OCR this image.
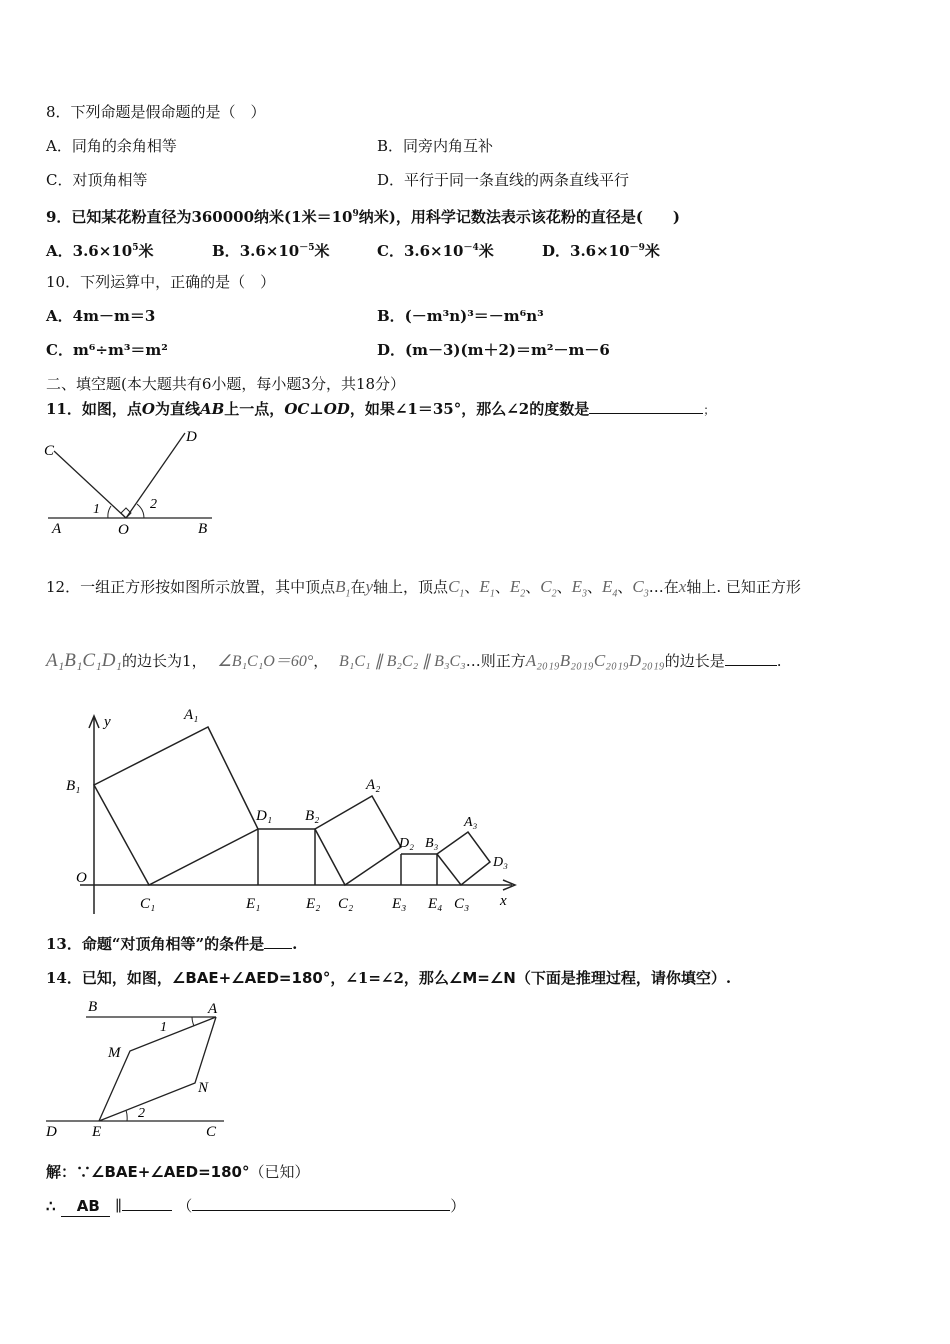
8．下列命题是假命题的是（　）
A．同角的余角相等	B．同旁内角互补
C．对顶角相等	D．平行于同一条直线的两条直线平行
9．已知某花粉直径为360000纳米(1米$=10^9$纳米)，用科学记数法表示该花粉的直径是(　　)
A．$3.6\times 10^5$米	B．$3.6\times 10^{-5}$米	C．$3.6\times 10^{-4}$米	D．$3.6\times 10^{-9}$米
10．下列运算中，正确的是（　）
A．4m－m＝3	B．(－m³n)³＝－m⁶n³
C．m⁶÷m³＝m²	D．(m－3)(m＋2)＝m²－m－6
二、填空题(本大题共有6小题，每小题3分，共18分）
11．如图，点O为直线AB上一点，OC⊥OD，如果∠1＝35°，那么∠2的度数是	；
C
D
A	O	B
1	2
12．一组正方形按如图所示放置，其中顶点$B_1$在y轴上，顶点$C_1$、$E_1$、$E_2$、$C_2$、$E_3$、$E_4$、$C_3\dots$在x轴上. 已知正方形
A₁B₁C₁D₁的边长为1， ∠B₁C₁O＝60°， B₁C₁ ∥ B₂C₂ ∥ B₃C₃…则正方A₂₀₁₉B₂₀₁₉C₂₀₁₉D₂₀₁₉的边长是	.
y
x
O
A₁
B₁
C₁
D₁
E₁
B₂
A₂
E₂ C₂
D₂ B₃
A₃
E₃ E₄ C₃
D₃
13．命题“对顶角相等”的条件是 .
14．已知，如图，∠BAE+∠AED=180°，∠1=∠2，那么∠M=∠N（下面是推理过程，请你填空）.
B	A
M
N
D E	C
1
2
解：∵∠BAE+∠AED=180°（已知）
∴ AB ∥	（	）
